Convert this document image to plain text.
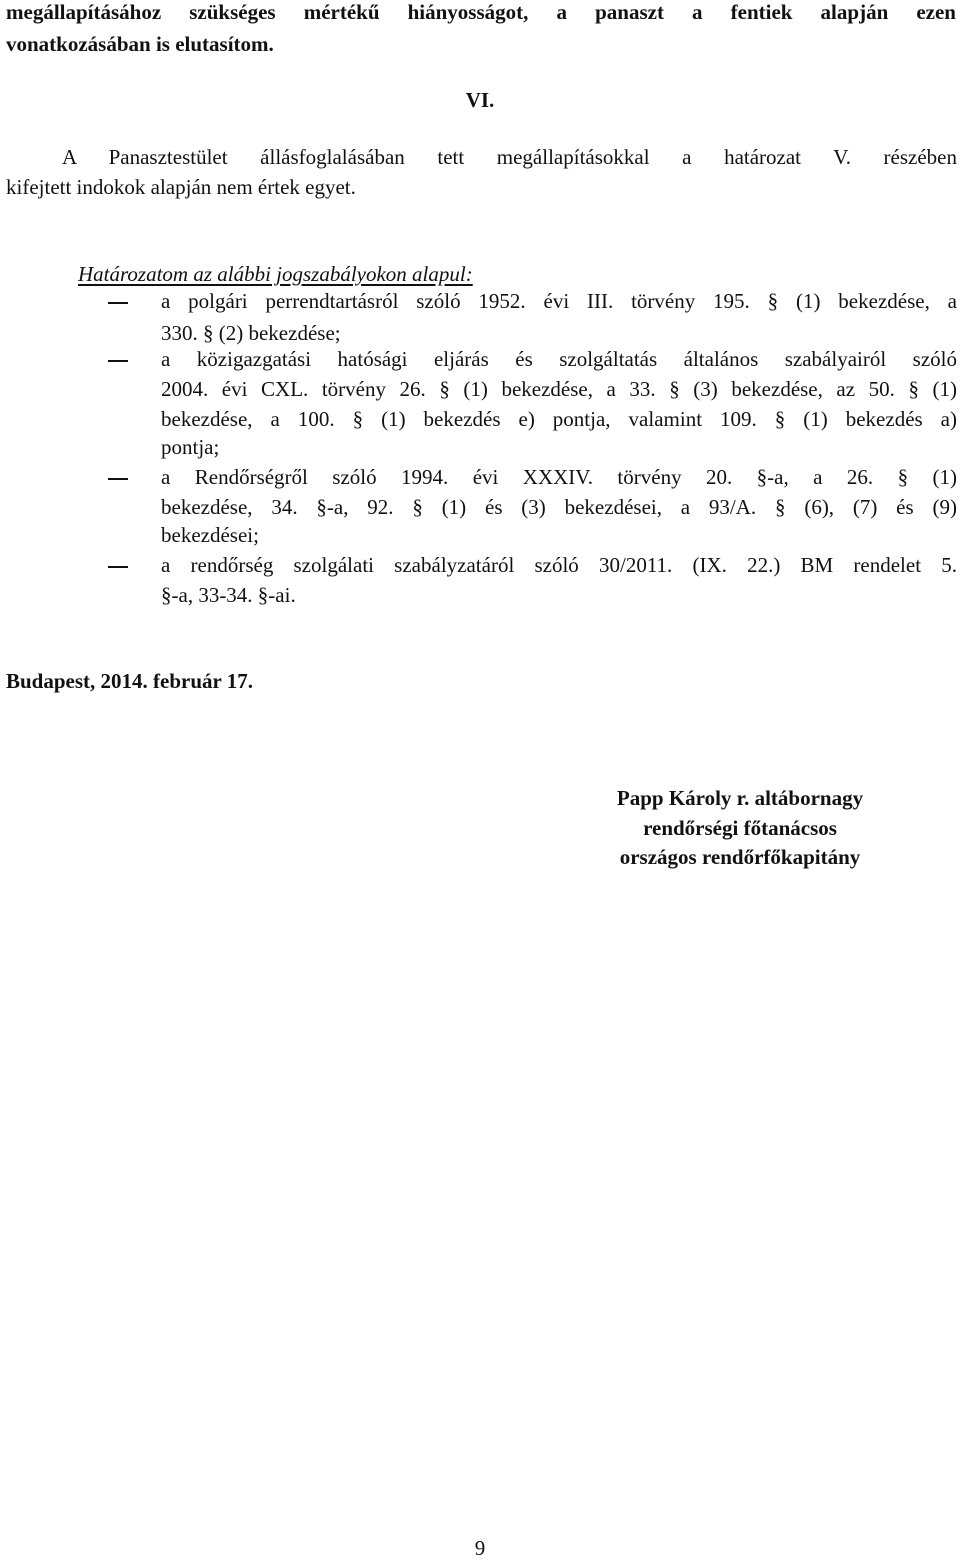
megállapításához szükséges mértékű hiányosságot, a panaszt a fentiek alapján ezen
vonatkozásában is elutasítom.
VI.
A Panasztestület állásfoglalásában tett megállapításokkal a határozat V. részében
kifejtett indokok alapján nem értek egyet.
Határozatom az alábbi jogszabályokon alapul:
a polgári perrendtartásról szóló 1952. évi III. törvény 195. § (1) bekezdése, a
330. § (2) bekezdése;
a közigazgatási hatósági eljárás és szolgáltatás általános szabályairól szóló
2004. évi CXL. törvény 26. § (1) bekezdése, a 33. § (3) bekezdése, az 50. § (1)
bekezdése, a 100. § (1) bekezdés e) pontja, valamint 109. § (1) bekezdés a)
pontja;
a Rendőrségről szóló 1994. évi XXXIV. törvény 20. §-a, a 26. § (1)
bekezdése, 34. §-a, 92. § (1) és (3) bekezdései, a 93/A. § (6), (7) és (9)
bekezdései;
a rendőrség szolgálati szabályzatáról szóló 30/2011. (IX. 22.) BM rendelet 5.
§-a, 33-34. §-ai.
Budapest, 2014. február 17.
Papp Károly r. altábornagy
rendőrségi főtanácsos
országos rendőrfőkapitány
9
